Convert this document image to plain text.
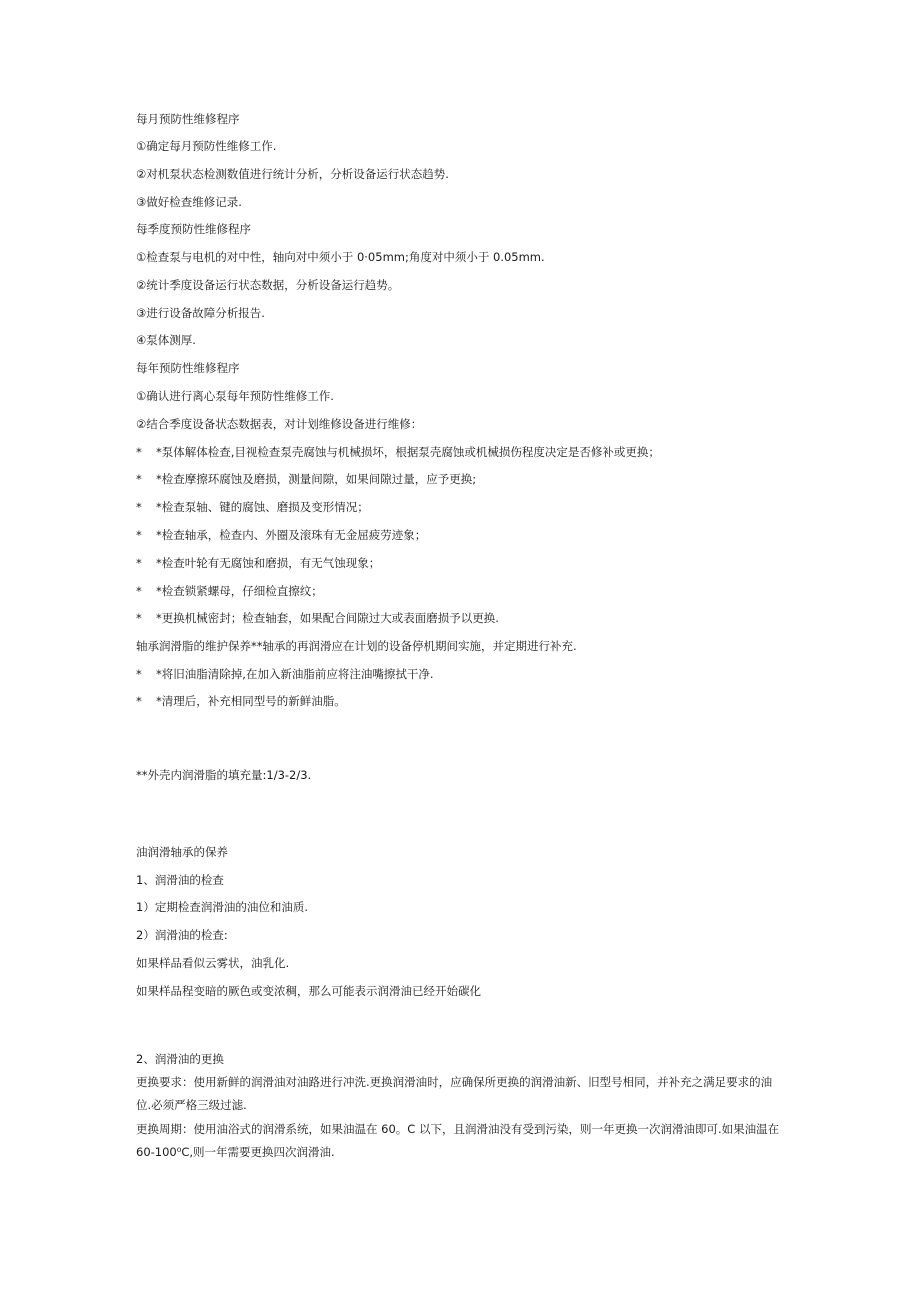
每月预防性维修程序
①确定每月预防性维修工作.
②对机泵状态检测数值进行统计分析，分析设备运行状态趋势.
③做好检查维修记录.
每季度预防性维修程序
①检查泵与电机的对中性，轴向对中须小于 0·05mm;角度对中须小于 0.05mm.
②统计季度设备运行状态数据，分析设备运行趋势。
③进行设备故障分析报告.
④泵体测厚.
每年预防性维修程序
①确认进行离心泵每年预防性维修工作.
②结合季度设备状态数据表，对计划维修设备进行维修：
* *泵体解体检查,目视检查泵壳腐蚀与机械损坏，根据泵壳腐蚀或机械损伤程度决定是否修补或更换；
* *检查摩擦环腐蚀及磨损，测量间隙，如果间隙过量，应予更换;
* *检查泵轴、键的腐蚀、磨损及变形情况；
* *检查轴承，检查内、外圈及滚珠有无金屈疲劳迹象；
* *检查叶轮有无腐蚀和磨损，有无气蚀现象；
* *检查锁紧螺母，仔细检直擦纹；
* *更换机械密封；检查轴套，如果配合间隙过大或表面磨损予以更换.
轴承润滑脂的维护保养**轴承的再润滑应在计划的设备停机期间实施，并定期进行补充.
* *将旧油脂清除掉,在加入新油脂前应将注油嘴擦拭干净.
* *清理后，补充相同型号的新鲜油脂。
**外壳内润滑脂的填充量:1/3-2/3.
油润滑轴承的保养
1、润滑油的检查
1）定期检查润滑油的油位和油质.
2）润滑油的检查:
如果样品看似云雾状，油乳化.
如果样品程变暗的厥色或变浓稠，那么可能表示润滑油已经开始碳化
2、润滑油的更换
更换要求：使用新鲜的润滑油对油路进行冲洗.更换润滑油时，应确保所更换的润滑油新、旧型号相同，并补充之满足要求的油位.必须严格三级过滤.
更换周期：使用油浴式的润滑系统，如果油温在 60。C 以下，且润滑油没有受到污染，则一年更换一次润滑油即可.如果油温在 60-100⁰C,则一年需要更换四次润滑油.
